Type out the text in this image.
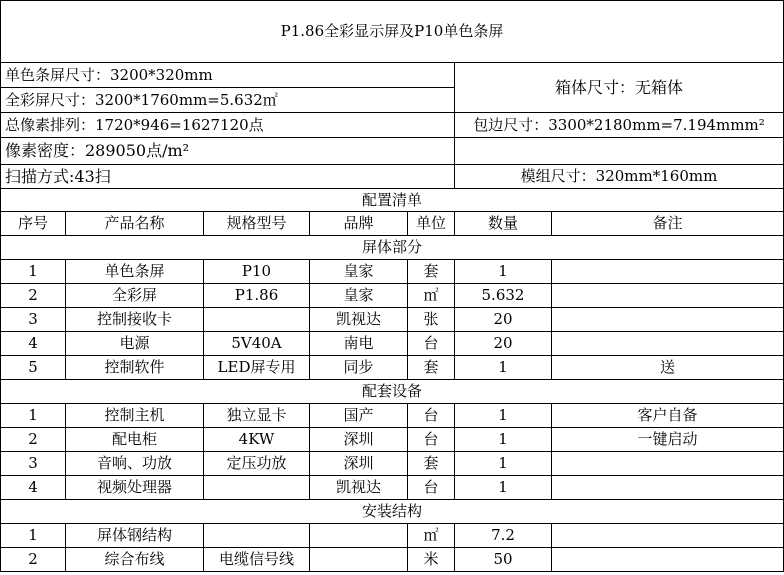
P1.86全彩显示屏及P10单色条屏						
单色条屏尺寸：3200*320mm					箱体尺寸：无箱体	
全彩屏尺寸：3200*1760mm=5.632㎡						
总像素排列：1720*946=1627120点					包边尺寸：3300*2180mm=7.194mmm²	
像素密度：289050点/m²						
扫描方式:43扫					模组尺寸：320mm*160mm	
配置清单						
序号	产品名称	规格型号	品牌	单位	数量	备注
屏体部分						
1	单色条屏	P10	皇家	套	1	
2	全彩屏	P1.86	皇家	㎡	5.632	
3	控制接收卡		凯视达	张	20	
4	电源	5V40A	南电	台	20	
5	控制软件	LED屏专用	同步	套	1	送
配套设备						
1	控制主机	独立显卡	国产	台	1	客户自备
2	配电柜	4KW	深圳	台	1	一键启动
3	音响、功放	定压功放	深圳	套	1	
4	视频处理器		凯视达	台	1	
安装结构						
1	屏体钢结构			㎡	7.2	
2	综合布线	电缆信号线		米	50	
